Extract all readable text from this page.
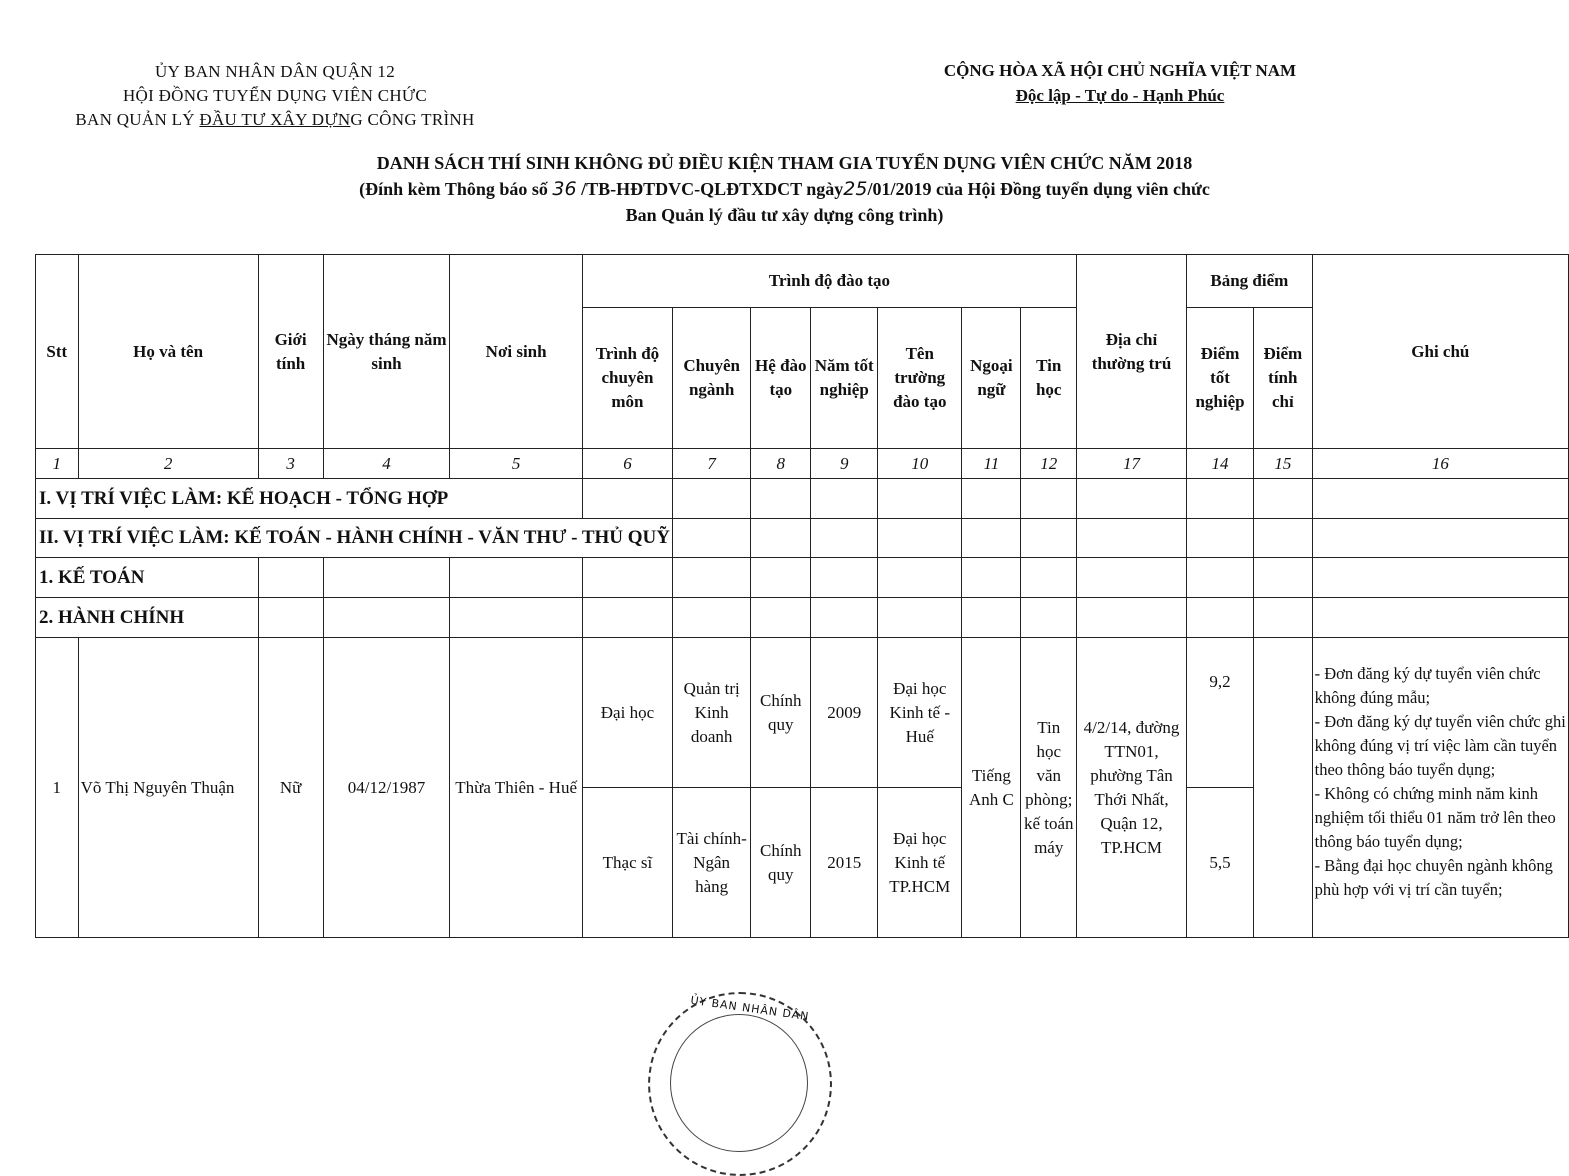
ỦY BAN NHÂN DÂN QUẬN 12
HỘI ĐỒNG TUYỂN DỤNG VIÊN CHỨC
BAN QUẢN LÝ ĐẦU TƯ XÂY DỰNG CÔNG TRÌNH
CỘNG HÒA XÃ HỘI CHỦ NGHĨA VIỆT NAM
Độc lập - Tự do - Hạnh Phúc
DANH SÁCH THÍ SINH KHÔNG ĐỦ ĐIỀU KIỆN THAM GIA TUYỂN DỤNG VIÊN CHỨC NĂM 2018
(Đính kèm Thông báo số 36 /TB-HĐTDVC-QLĐTXDCT ngày25/01/2019 của Hội Đồng tuyển dụng viên chức
Ban Quản lý đầu tư xây dựng công trình)
Stt	Họ và tên	Giới tính	Ngày tháng năm sinh	Nơi sinh	Trình độ đào tạo							Địa chỉ thường trú	Bảng điểm		Ghi chú
					Trình độ chuyên môn	Chuyên ngành	Hệ đào tạo	Năm tốt nghiệp	Tên trường đào tạo	Ngoại ngữ	Tin học		Điểm tốt nghiệp	Điểm tính chỉ	
1	2	3	4	5	6	7	8	9	10	11	12	17	14	15	16
I. VỊ TRÍ VIỆC LÀM: KẾ HOẠCH - TỔNG HỢP															
II. VỊ TRÍ VIỆC LÀM: KẾ TOÁN - HÀNH CHÍNH - VĂN THƯ - THỦ QUỸ															
1. KẾ TOÁN															
2. HÀNH CHÍNH															
1	Võ Thị Nguyên Thuận	Nữ	04/12/1987	Thừa Thiên - Huế	Đại học	Quản trị Kinh doanh	Chính quy	2009	Đại học Kinh tế - Huế	Tiếng Anh C	Tin học văn phòng; kế toán máy	4/2/14, đường TTN01, phường Tân Thới Nhất, Quận 12, TP.HCM	9,2		- Đơn đăng ký dự tuyển viên chức không đúng mẫu;
- Đơn đăng ký dự tuyển viên chức ghi không đúng vị trí việc làm cần tuyển theo thông báo tuyển dụng;
- Không có chứng minh năm kinh nghiệm tối thiểu 01 năm trở lên theo thông báo tuyển dụng;
- Bằng đại học chuyên ngành không phù hợp với vị trí cần tuyển;

					Thạc sĩ	Tài chính- Ngân hàng	Chính quy	2015	Đại học Kinh tế TP.HCM				5,5		
ỦY BAN NHÂN DÂN
